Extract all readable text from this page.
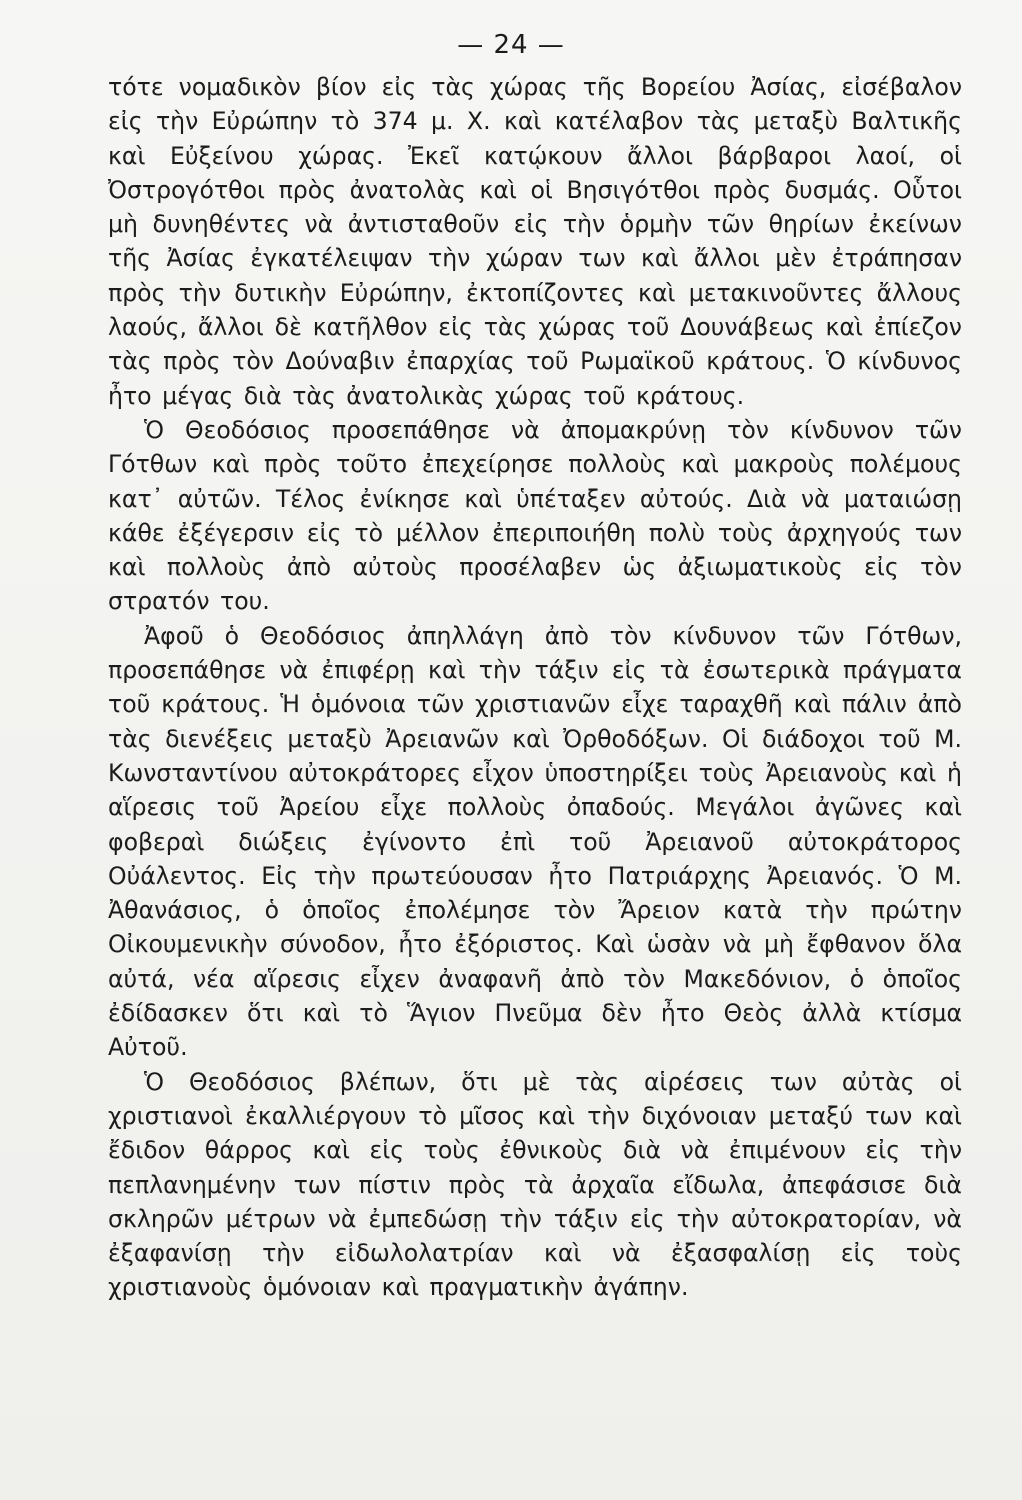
— 24 —

τότε νομαδικὸν βίον εἰς τὰς χώρας τῆς Βορείου Ἀσίας, εἰσέβαλον εἰς τὴν Εὐρώπην τὸ 374 μ. Χ. καὶ κατέλαβον τὰς μεταξὺ Βαλτικῆς καὶ Εὐξείνου χώρας. Ἐκεῖ κατῴκουν ἄλλοι βάρβαροι λαοί, οἱ Ὀστρογότθοι πρὸς ἀνατολὰς καὶ οἱ Βησιγότθοι πρὸς δυσμάς. Οὗτοι μὴ δυνηθέντες νὰ ἀντισταθοῦν εἰς τὴν ὁρμὴν τῶν θηρίων ἐκείνων τῆς Ἀσίας ἐγκατέλειψαν τὴν χώραν των καὶ ἄλλοι μὲν ἐτράπησαν πρὸς τὴν δυτικὴν Εὐρώπην, ἐκτοπίζοντες καὶ μετακινοῦντες ἄλλους λαούς, ἄλλοι δὲ κατῆλθον εἰς τὰς χώρας τοῦ Δουνάβεως καὶ ἐπίεζον τὰς πρὸς τὸν Δούναβιν ἐπαρχίας τοῦ Ρωμαϊκοῦ κράτους. Ὁ κίνδυνος ἦτο μέγας διὰ τὰς ἀνατολικὰς χώρας τοῦ κράτους.

Ὁ Θεοδόσιος προσεπάθησε νὰ ἀπομακρύνῃ τὸν κίνδυνον τῶν Γότθων καὶ πρὸς τοῦτο ἐπεχείρησε πολλοὺς καὶ μακροὺς πολέμους κατ᾽ αὐτῶν. Τέλος ἐνίκησε καὶ ὑπέταξεν αὐτούς. Διὰ νὰ ματαιώσῃ κάθε ἐξέγερσιν εἰς τὸ μέλλον ἐπεριποιήθη πολὺ τοὺς ἀρχηγούς των καὶ πολλοὺς ἀπὸ αὐτοὺς προσέλαβεν ὡς ἀξιωματικοὺς εἰς τὸν στρατόν του.

Ἀφοῦ ὁ Θεοδόσιος ἀπηλλάγη ἀπὸ τὸν κίνδυνον τῶν Γότθων, προσεπάθησε νὰ ἐπιφέρῃ καὶ τὴν τάξιν εἰς τὰ ἐσωτερικὰ πράγματα τοῦ κράτους. Ἡ ὁμόνοια τῶν χριστιανῶν εἶχε ταραχθῆ καὶ πάλιν ἀπὸ τὰς διενέξεις μεταξὺ Ἀρειανῶν καὶ Ὀρθοδόξων. Οἱ διάδοχοι τοῦ Μ. Κωνσταντίνου αὐτοκράτορες εἶχον ὑποστηρίξει τοὺς Ἀρειανοὺς καὶ ἡ αἵρεσις τοῦ Ἀρείου εἶχε πολλοὺς ὀπαδούς. Μεγάλοι ἀγῶνες καὶ φοβεραὶ διώξεις ἐγίνοντο ἐπὶ τοῦ Ἀρειανοῦ αὐτοκράτορος Οὐάλεντος. Εἰς τὴν πρωτεύουσαν ἦτο Πατριάρχης Ἀρειανός. Ὁ Μ. Ἀθανάσιος, ὁ ὁποῖος ἐπολέμησε τὸν Ἄρειον κατὰ τὴν πρώτην Οἰκουμενικὴν σύνοδον, ἦτο ἐξόριστος. Καὶ ὡσὰν νὰ μὴ ἔφθανον ὅλα αὐτά, νέα αἵρεσις εἶχεν ἀναφανῆ ἀπὸ τὸν Μακεδόνιον, ὁ ὁποῖος ἐδίδασκεν ὅτι καὶ τὸ Ἅγιον Πνεῦμα δὲν ἦτο Θεὸς ἀλλὰ κτίσμα Αὐτοῦ.

Ὁ Θεοδόσιος βλέπων, ὅτι μὲ τὰς αἱρέσεις των αὐτὰς οἱ χριστιανοὶ ἐκαλλιέργουν τὸ μῖσος καὶ τὴν διχόνοιαν μεταξύ των καὶ ἔδιδον θάρρος καὶ εἰς τοὺς ἐθνικοὺς διὰ νὰ ἐπιμένουν εἰς τὴν πεπλανημένην των πίστιν πρὸς τὰ ἀρχαῖα εἴδωλα, ἀπεφάσισε διὰ σκληρῶν μέτρων νὰ ἐμπεδώσῃ τὴν τάξιν εἰς τὴν αὐτοκρατορίαν, νὰ ἐξαφανίσῃ τὴν εἰδωλολατρίαν καὶ νὰ ἐξασφαλίσῃ εἰς τοὺς χριστιανοὺς ὁμόνοιαν καὶ πραγματικὴν ἀγάπην.
